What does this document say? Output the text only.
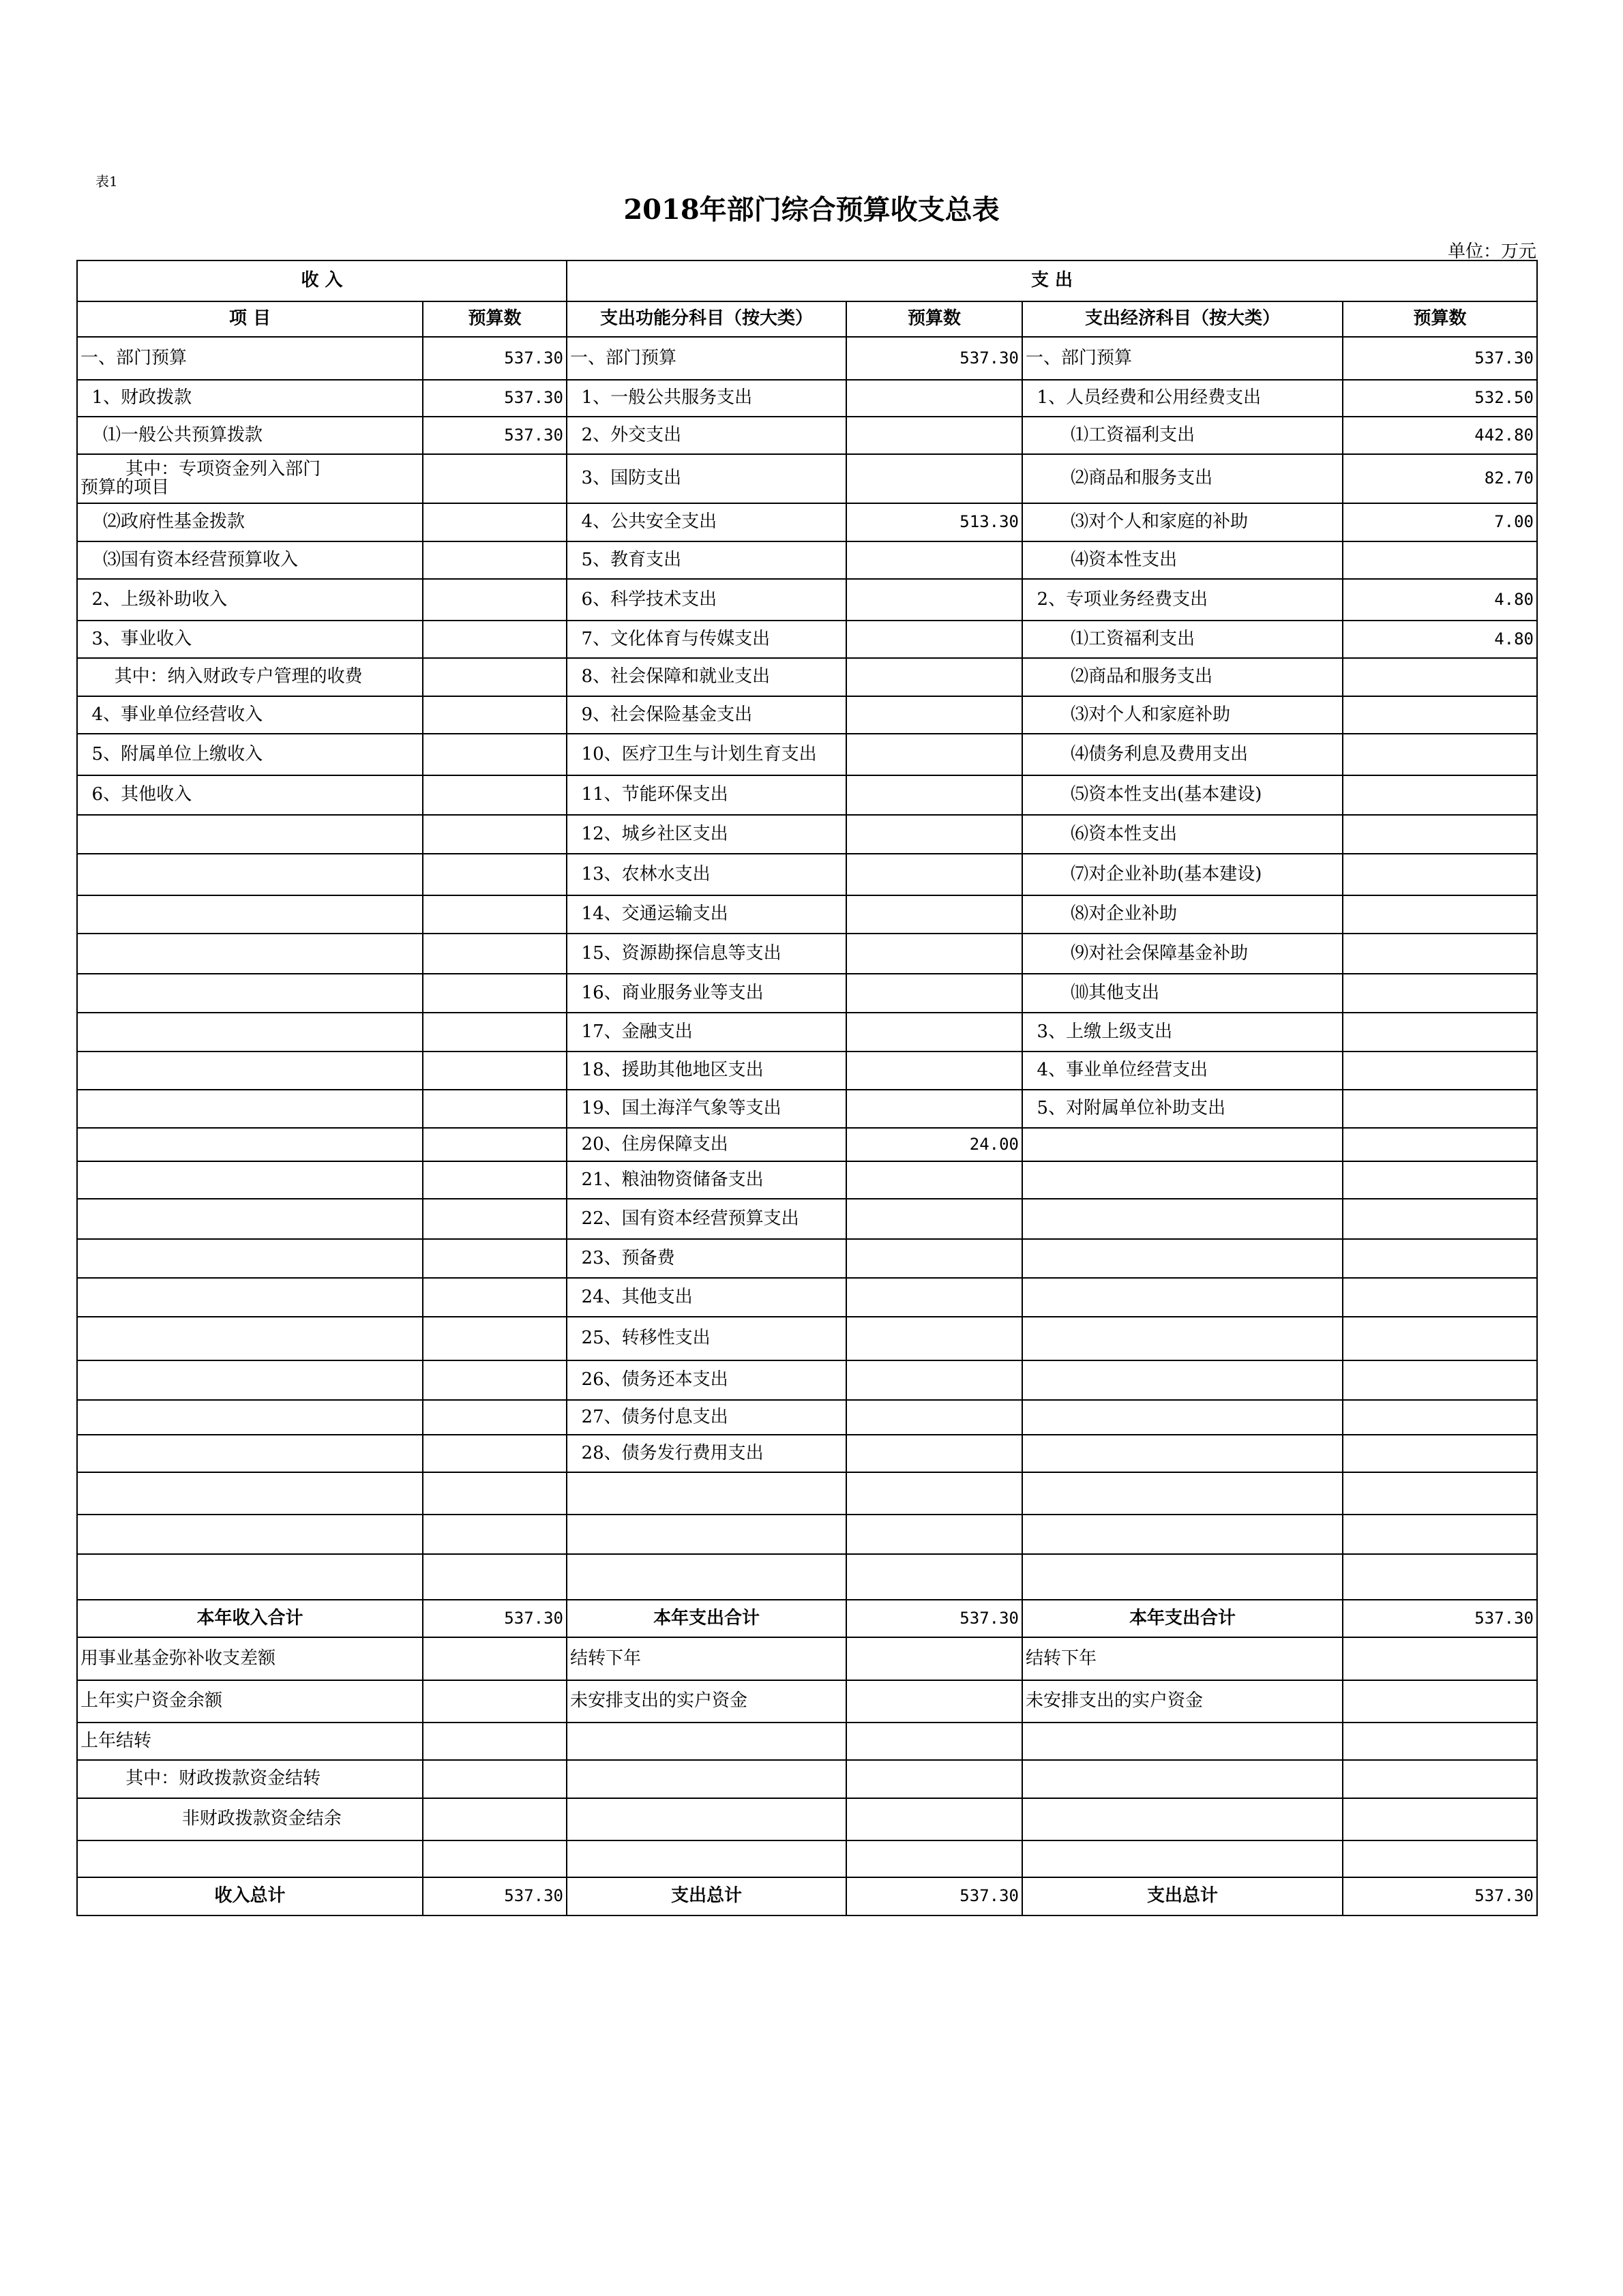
表1
2018年部门综合预算收支总表
单位：万元
收 入		支 出			
项 目	预算数	支出功能分科目（按大类）	预算数	支出经济科目（按大类）	预算数
一、部门预算	537.30	一、部门预算	537.30	一、部门预算	537.30
1、财政拨款	537.30	1、一般公共服务支出		1、人员经费和公用经费支出	532.50
⑴一般公共预算拨款	537.30	2、外交支出		⑴工资福利支出	442.80
其中：专项资金列入部门
预算的项目		3、国防支出		⑵商品和服务支出	82.70
⑵政府性基金拨款		4、公共安全支出	513.30	⑶对个人和家庭的补助	7.00
⑶国有资本经营预算收入		5、教育支出		⑷资本性支出	
2、上级补助收入		6、科学技术支出		2、专项业务经费支出	4.80
3、事业收入		7、文化体育与传媒支出		⑴工资福利支出	4.80
其中：纳入财政专户管理的收费		8、社会保障和就业支出		⑵商品和服务支出	
4、事业单位经营收入		9、社会保险基金支出		⑶对个人和家庭补助	
5、附属单位上缴收入		10、医疗卫生与计划生育支出		⑷债务利息及费用支出	
6、其他收入		11、节能环保支出		⑸资本性支出(基本建设)	
		12、城乡社区支出		⑹资本性支出	
		13、农林水支出		⑺对企业补助(基本建设)	
		14、交通运输支出		⑻对企业补助	
		15、资源勘探信息等支出		⑼对社会保障基金补助	
		16、商业服务业等支出		⑽其他支出	
		17、金融支出		3、上缴上级支出	
		18、援助其他地区支出		4、事业单位经营支出	
		19、国土海洋气象等支出		5、对附属单位补助支出	
		20、住房保障支出	24.00		
		21、粮油物资储备支出			
		22、国有资本经营预算支出			
		23、预备费			
		24、其他支出			
		25、转移性支出			
		26、债务还本支出			
		27、债务付息支出			
		28、债务发行费用支出			

本年收入合计	537.30	本年支出合计	537.30	本年支出合计	537.30
用事业基金弥补收支差额		结转下年		结转下年	
上年实户资金余额		未安排支出的实户资金		未安排支出的实户资金	
上年结转					
其中：财政拨款资金结转					
非财政拨款资金结余					

收入总计	537.30	支出总计	537.30	支出总计	537.30
